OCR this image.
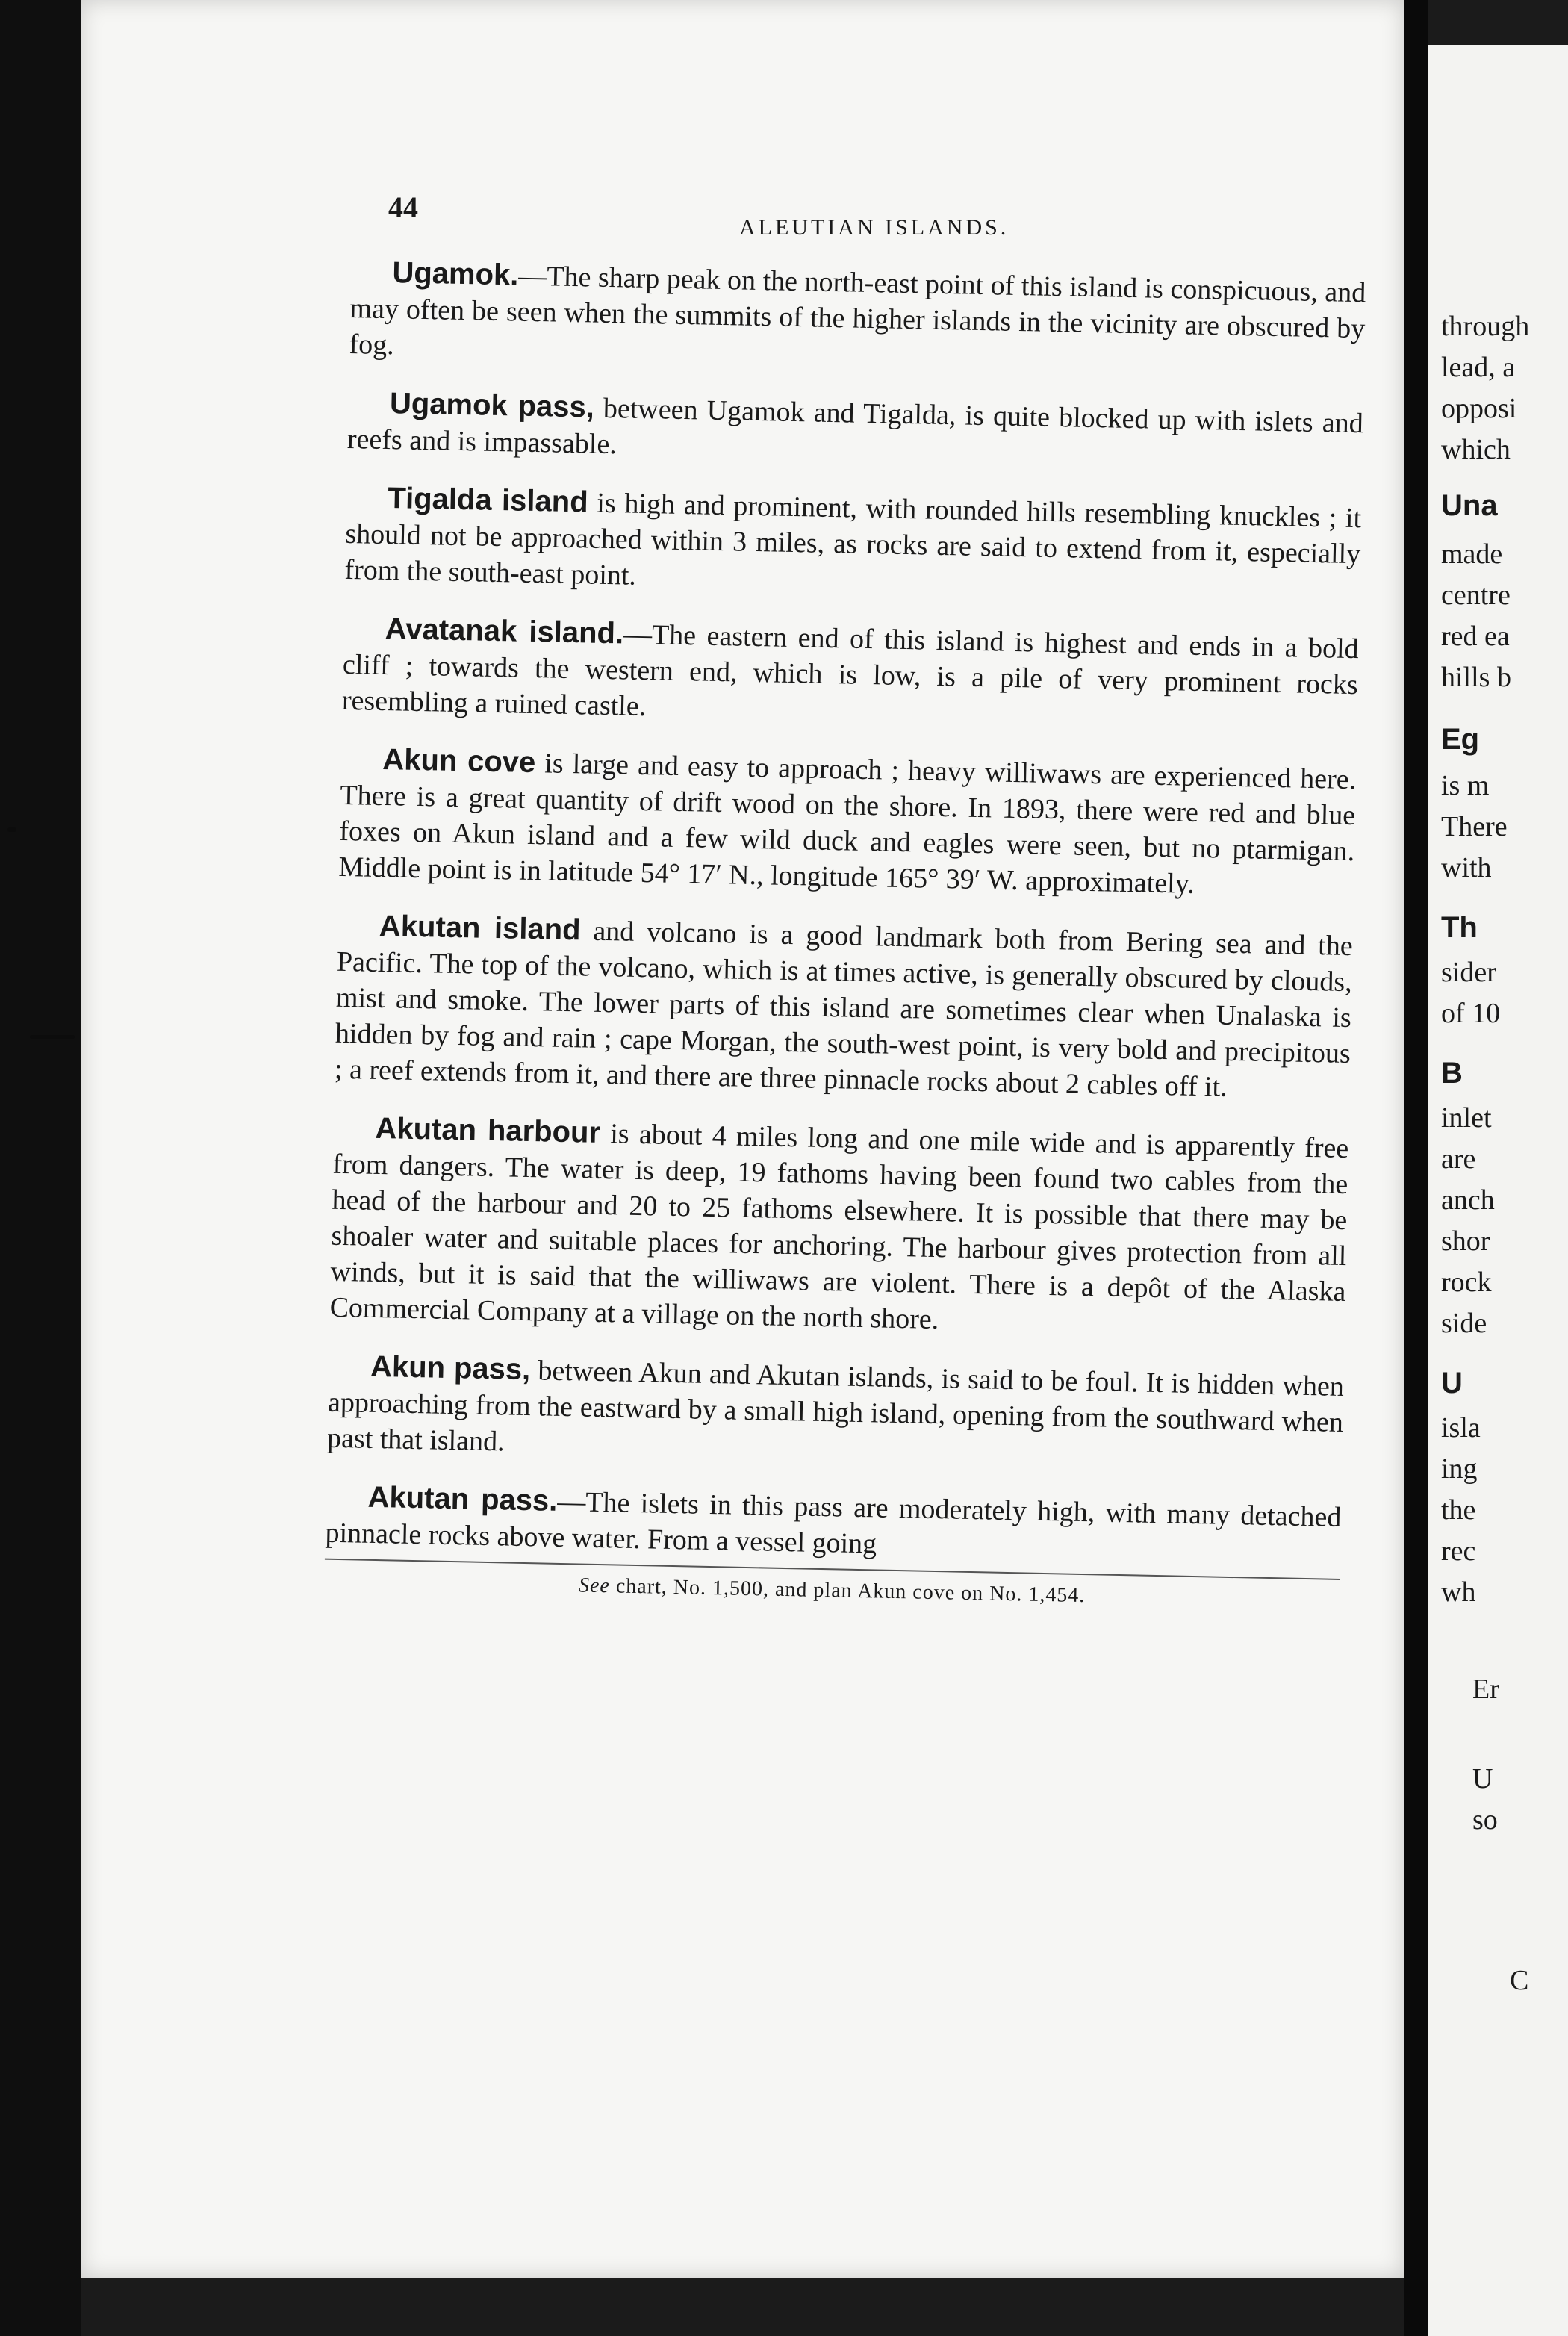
44
ALEUTIAN ISLANDS.

Ugamok.—The sharp peak on the north-east point of this island is conspicuous, and may often be seen when the summits of the higher islands in the vicinity are obscured by fog.

Ugamok pass, between Ugamok and Tigalda, is quite blocked up with islets and reefs and is impassable.

Tigalda island is high and prominent, with rounded hills resembling knuckles ; it should not be approached within 3 miles, as rocks are said to extend from it, especially from the south-east point.

Avatanak island.—The eastern end of this island is highest and ends in a bold cliff ; towards the western end, which is low, is a pile of very prominent rocks resembling a ruined castle.

Akun cove is large and easy to approach ; heavy williwaws are experienced here. There is a great quantity of drift wood on the shore. In 1893, there were red and blue foxes on Akun island and a few wild duck and eagles were seen, but no ptarmigan. Middle point is in latitude 54° 17′ N., longitude 165° 39′ W. approximately.

Akutan island and volcano is a good landmark both from Bering sea and the Pacific. The top of the volcano, which is at times active, is generally obscured by clouds, mist and smoke. The lower parts of this island are sometimes clear when Unalaska is hidden by fog and rain ; cape Morgan, the south-west point, is very bold and precipitous ; a reef extends from it, and there are three pinnacle rocks about 2 cables off it.

Akutan harbour is about 4 miles long and one mile wide and is apparently free from dangers. The water is deep, 19 fathoms having been found two cables from the head of the harbour and 20 to 25 fathoms elsewhere. It is possible that there may be shoaler water and suitable places for anchoring. The harbour gives protection from all winds, but it is said that the williwaws are violent. There is a depôt of the Alaska Commercial Company at a village on the north shore.

Akun pass, between Akun and Akutan islands, is said to be foul. It is hidden when approaching from the eastward by a small high island, opening from the southward when past that island.

Akutan pass.—The islets in this pass are moderately high, with many detached pinnacle rocks above water. From a vessel going

See chart, No. 1,500, and plan Akun cove on No. 1,454.
through
lead, a
opposi
which
Una
made
centre
red ea
hills b
Eg
is m
There
with
Th
sider
of 10
B
inlet
are
anch
shor
rock
side
U
isla
ing
the
rec
wh
Er
U
so
C
